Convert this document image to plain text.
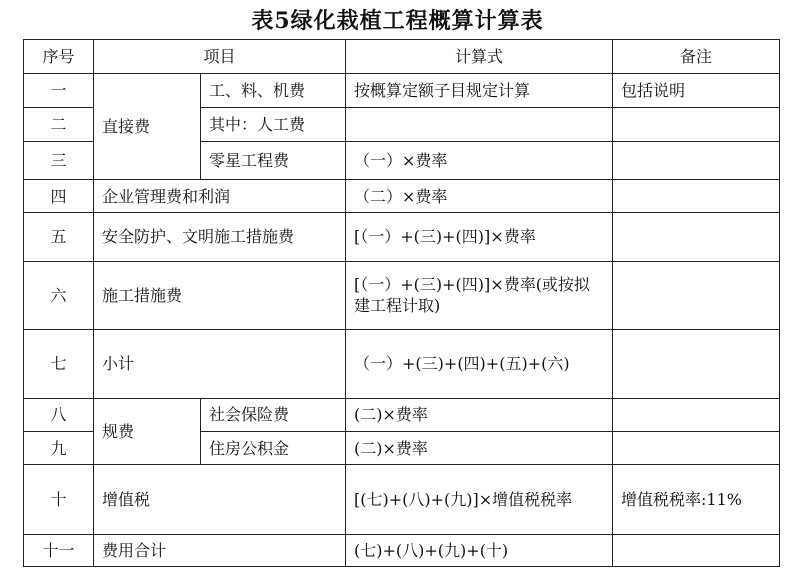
表5绿化栽植工程概算计算表
序号	项目		计算式	备注
一	直接费	工、料、机费	按概算定额子目规定计算	包括说明
二		其中：人工费		
三		零星工程费	（一）×费率	
四	企业管理费和利润		（二）×费率	
五	安全防护、文明施工措施费		[（一）+(三)+(四)]×费率	
六	施工措施费		[（一）+(三)+(四)]×费率(或按拟建工程计取)	
七	小计		（一）+(三)+(四)+(五)+(六)	
八	规费	社会保险费	(二)×费率	
九		住房公积金	(二)×费率	
十	增值税		[(七)+(八)+(九)]×增值税税率	增值税税率:11%
十一	费用合计		(七)+(八)+(九)+(十)	
